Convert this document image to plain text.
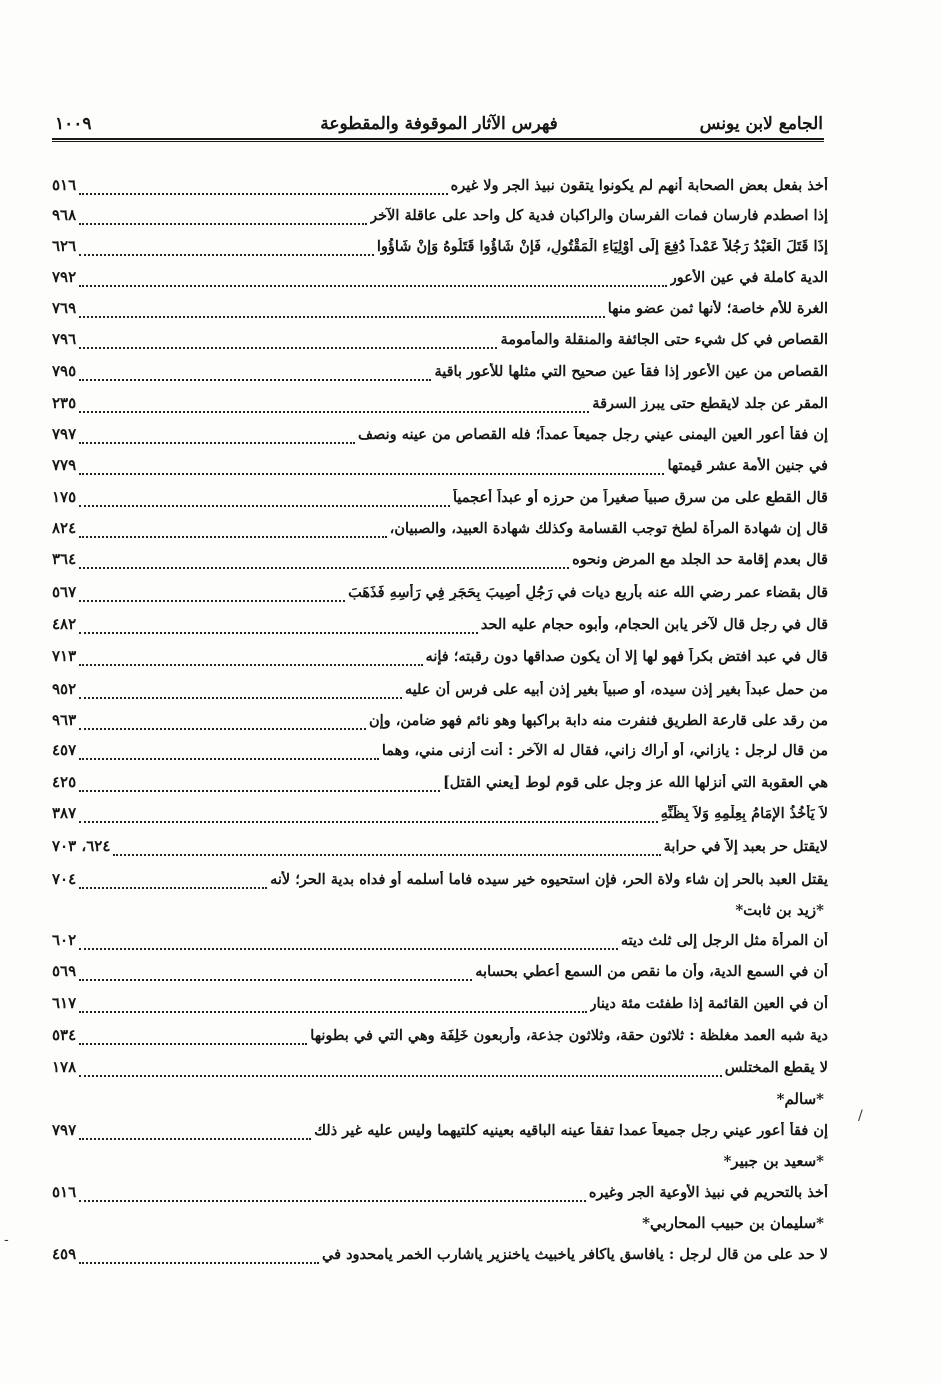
الجامع لابن يونس
فهرس الآثار الموقوفة والمقطوعة
١٠٠٩
أخذ بفعل بعض الصحابة أنهم لم يكونوا يتقون نبيذ الجر ولا غيره
٥١٦
إذا اصطدم فارسان فمات الفرسان والراكبان فدية كل واحد على عاقلة الآخر
٩٦٨
إِذَا قَتَلَ الْعَبْدُ رَجُلاً عَمْداً دُفِعَ إِلَى أَوْلِيَاءِ الْمَقْتُولِ، فَإِنْ شَاؤُوا قَتَلُوهُ وَإِنْ شَاؤُوا
٦٢٦
الدية كاملة في عين الأعور
٧٩٢
الغرة للأم خاصة؛ لأنها ثمن عضو منها
٧٦٩
القصاص في كل شيء حتى الجائفة والمنقلة والمأمومة
٧٩٦
القصاص من عين الأعور إذا فقأ عين صحيح التي مثلها للأعور باقية
٧٩٥
المقر عن جلد لايقطع حتى يبرز السرقة
٢٣٥
إن فقأ أعور العين اليمنى عيني رجل جميعاً عمداً؛ فله القصاص من عينه ونصف
٧٩٧
في جنين الأمة عشر قيمتها
٧٧٩
قال القطع على من سرق صبياً صغيراً من حرزه أو عبداً أعجمياً
١٧٥
قال إن شهادة المرأة لطخ توجب القسامة وكذلك شهادة العبيد، والصبيان،
٨٢٤
قال بعدم إقامة حد الجلد مع المرض ونحوه
٣٦٤
قال بقضاء عمر رضي الله عنه بأربع ديات في رَجُلٍ أُصِيبَ بِحَجَرٍ فِي رَأْسِهِ فَذَهَبَ
٥٦٧
قال في رجل قال لآخر يابن الحجام، وأبوه حجام عليه الحد
٤٨٢
قال في عبد افتض بكراً فهو لها إلا أن يكون صداقها دون رقبته؛ فإنه
٧١٣
من حمل عبداً بغير إذن سيده، أو صبياً بغير إذن أبيه على فرس أن عليه
٩٥٢
من رقد على قارعة الطريق فنفرت منه دابة براكبها وهو نائم فهو ضامن، وإن
٩٦٣
من قال لرجل : يازاني، أو أراك زاني، فقال له الآخر : أنت أزنى مني، وهما
٤٥٧
هي العقوبة التي أنزلها الله عز وجل على قوم لوط [يعني القتل]
٤٢٥
لاَ يَأْخُذُ الإِمَامُ بِعِلْمِهِ وَلاَ بِظَنِّهِ
٣٨٧
لايقتل حر بعبد إلاّ في حرابة
٦٢٤، ٧٠٣
يقتل العبد بالحر إن شاء ولاة الحر، فإن استحيوه خير سيده فاما أسلمه أو فداه بدية الحر؛ لأنه
٧٠٤
*زيد بن ثابت*
أن المرأة مثل الرجل إلى ثلث ديته
٦٠٢
أن في السمع الدية، وأن ما نقص من السمع أعطي بحسابه
٥٦٩
أن في العين القائمة إذا طفئت مئة دينار
٦١٧
دية شبه العمد مغلظة : ثلاثون حقة، وثلاثون جذعة، وأربعون خَلِفَة وهي التي في بطونها
٥٣٤
لا يقطع المختلس
١٧٨
*سالم*
إن فقأ أعور عيني رجل جميعاً عمدا تفقأ عينه الباقيه بعينيه كلتيهما وليس عليه غير ذلك
٧٩٧
*سعيد بن جبير*
أخذ بالتحريم في نبيذ الأوعية الجر وغيره
٥١٦
*سليمان بن حبيب المحاربي*
لا حد على من قال لرجل : يافاسق ياكافر ياخبيث ياخنزير ياشارب الخمر يامحدود في
٤٥٩
/
-
